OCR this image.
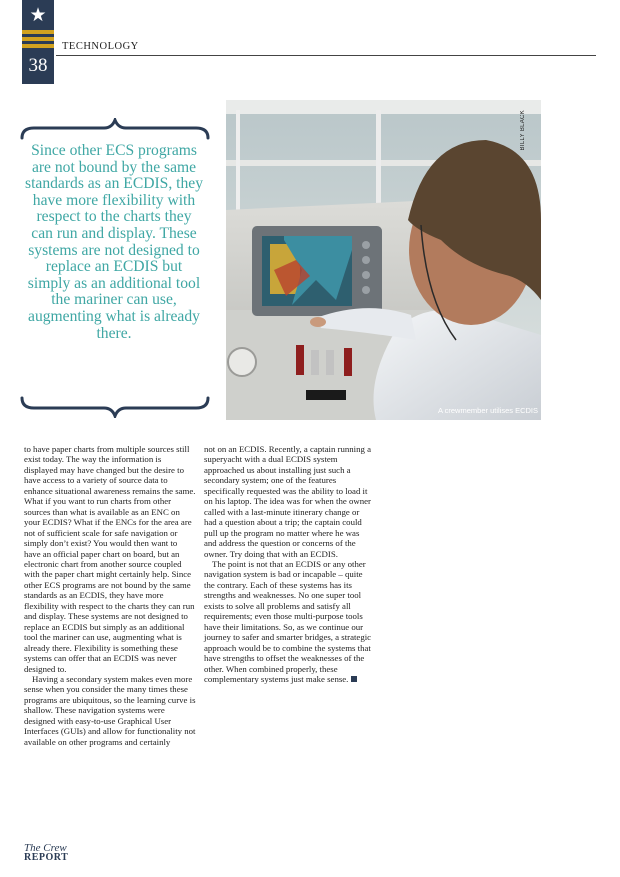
★
38
TECHNOLOGY
Since other ECS programs are not bound by the same standards as an ECDIS, they have more flexibility with respect to the charts they can run and display. These systems are not designed to replace an ECDIS but simply as an additional tool the mariner can use, augmenting what is already there.
BILLY BLACK
A crewmember utilises ECDIS

to have paper charts from multiple sources still exist today. The way the information is displayed may have changed but the desire to have access to a variety of source data to enhance situational awareness remains the same. What if you want to run charts from other sources than what is available as an ENC on your ECDIS? What if the ENCs for the area are not of sufficient scale for safe navigation or simply don’t exist? You would then want to have an official paper chart on board, but an electronic chart from another source coupled with the paper chart might certainly help. Since other ECS programs are not bound by the same standards as an ECDIS, they have more flexibility with respect to the charts they can run and display. These systems are not designed to replace an ECDIS but simply as an additional tool the mariner can use, augmenting what is already there. Flexibility is something these systems can offer that an ECDIS was never designed to.

Having a secondary system makes even more sense when you consider the many times these programs are ubiquitous, so the learning curve is shallow. These navigation systems were designed with easy-to-use Graphical User Interfaces (GUIs) and allow for functionality not available on other programs and certainly

not on an ECDIS. Recently, a captain running a superyacht with a dual ECDIS system approached us about installing just such a secondary system; one of the features specifically requested was the ability to load it on his laptop. The idea was for when the owner called with a last-minute itinerary change or had a question about a trip; the captain could pull up the program no matter where he was and address the question or concerns of the owner. Try doing that with an ECDIS.

The point is not that an ECDIS or any other navigation system is bad or incapable – quite the contrary. Each of these systems has its strengths and weaknesses. No one super tool exists to solve all problems and satisfy all requirements; even those multi-purpose tools have their limitations. So, as we continue our journey to safer and smarter bridges, a strategic approach would be to combine the systems that have strengths to offset the weaknesses of the other. When combined properly, these complementary systems just make sense.

The Crew
REPORT
